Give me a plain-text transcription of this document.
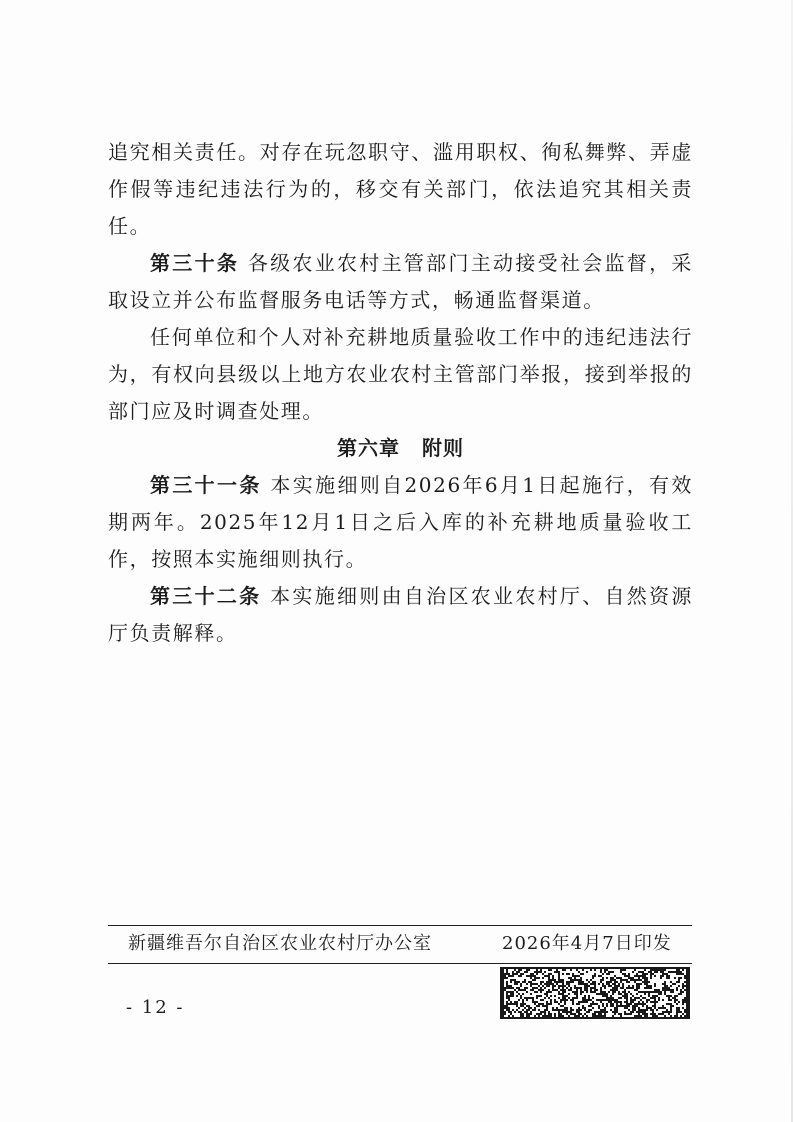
追究相关责任。对存在玩忽职守、滥用职权、徇私舞弊、弄虚作假等违纪违法行为的，移交有关部门，依法追究其相关责任。

第三十条 各级农业农村主管部门主动接受社会监督，采取设立并公布监督服务电话等方式，畅通监督渠道。

任何单位和个人对补充耕地质量验收工作中的违纪违法行为，有权向县级以上地方农业农村主管部门举报，接到举报的部门应及时调查处理。

第六章 附则

第三十一条 本实施细则自2026年6月1日起施行，有效期两年。2025年12月1日之后入库的补充耕地质量验收工作，按照本实施细则执行。

第三十二条 本实施细则由自治区农业农村厅、自然资源厅负责解释。

新疆维吾尔自治区农业农村厅办公室	2026年4月7日印发
- 12 -
